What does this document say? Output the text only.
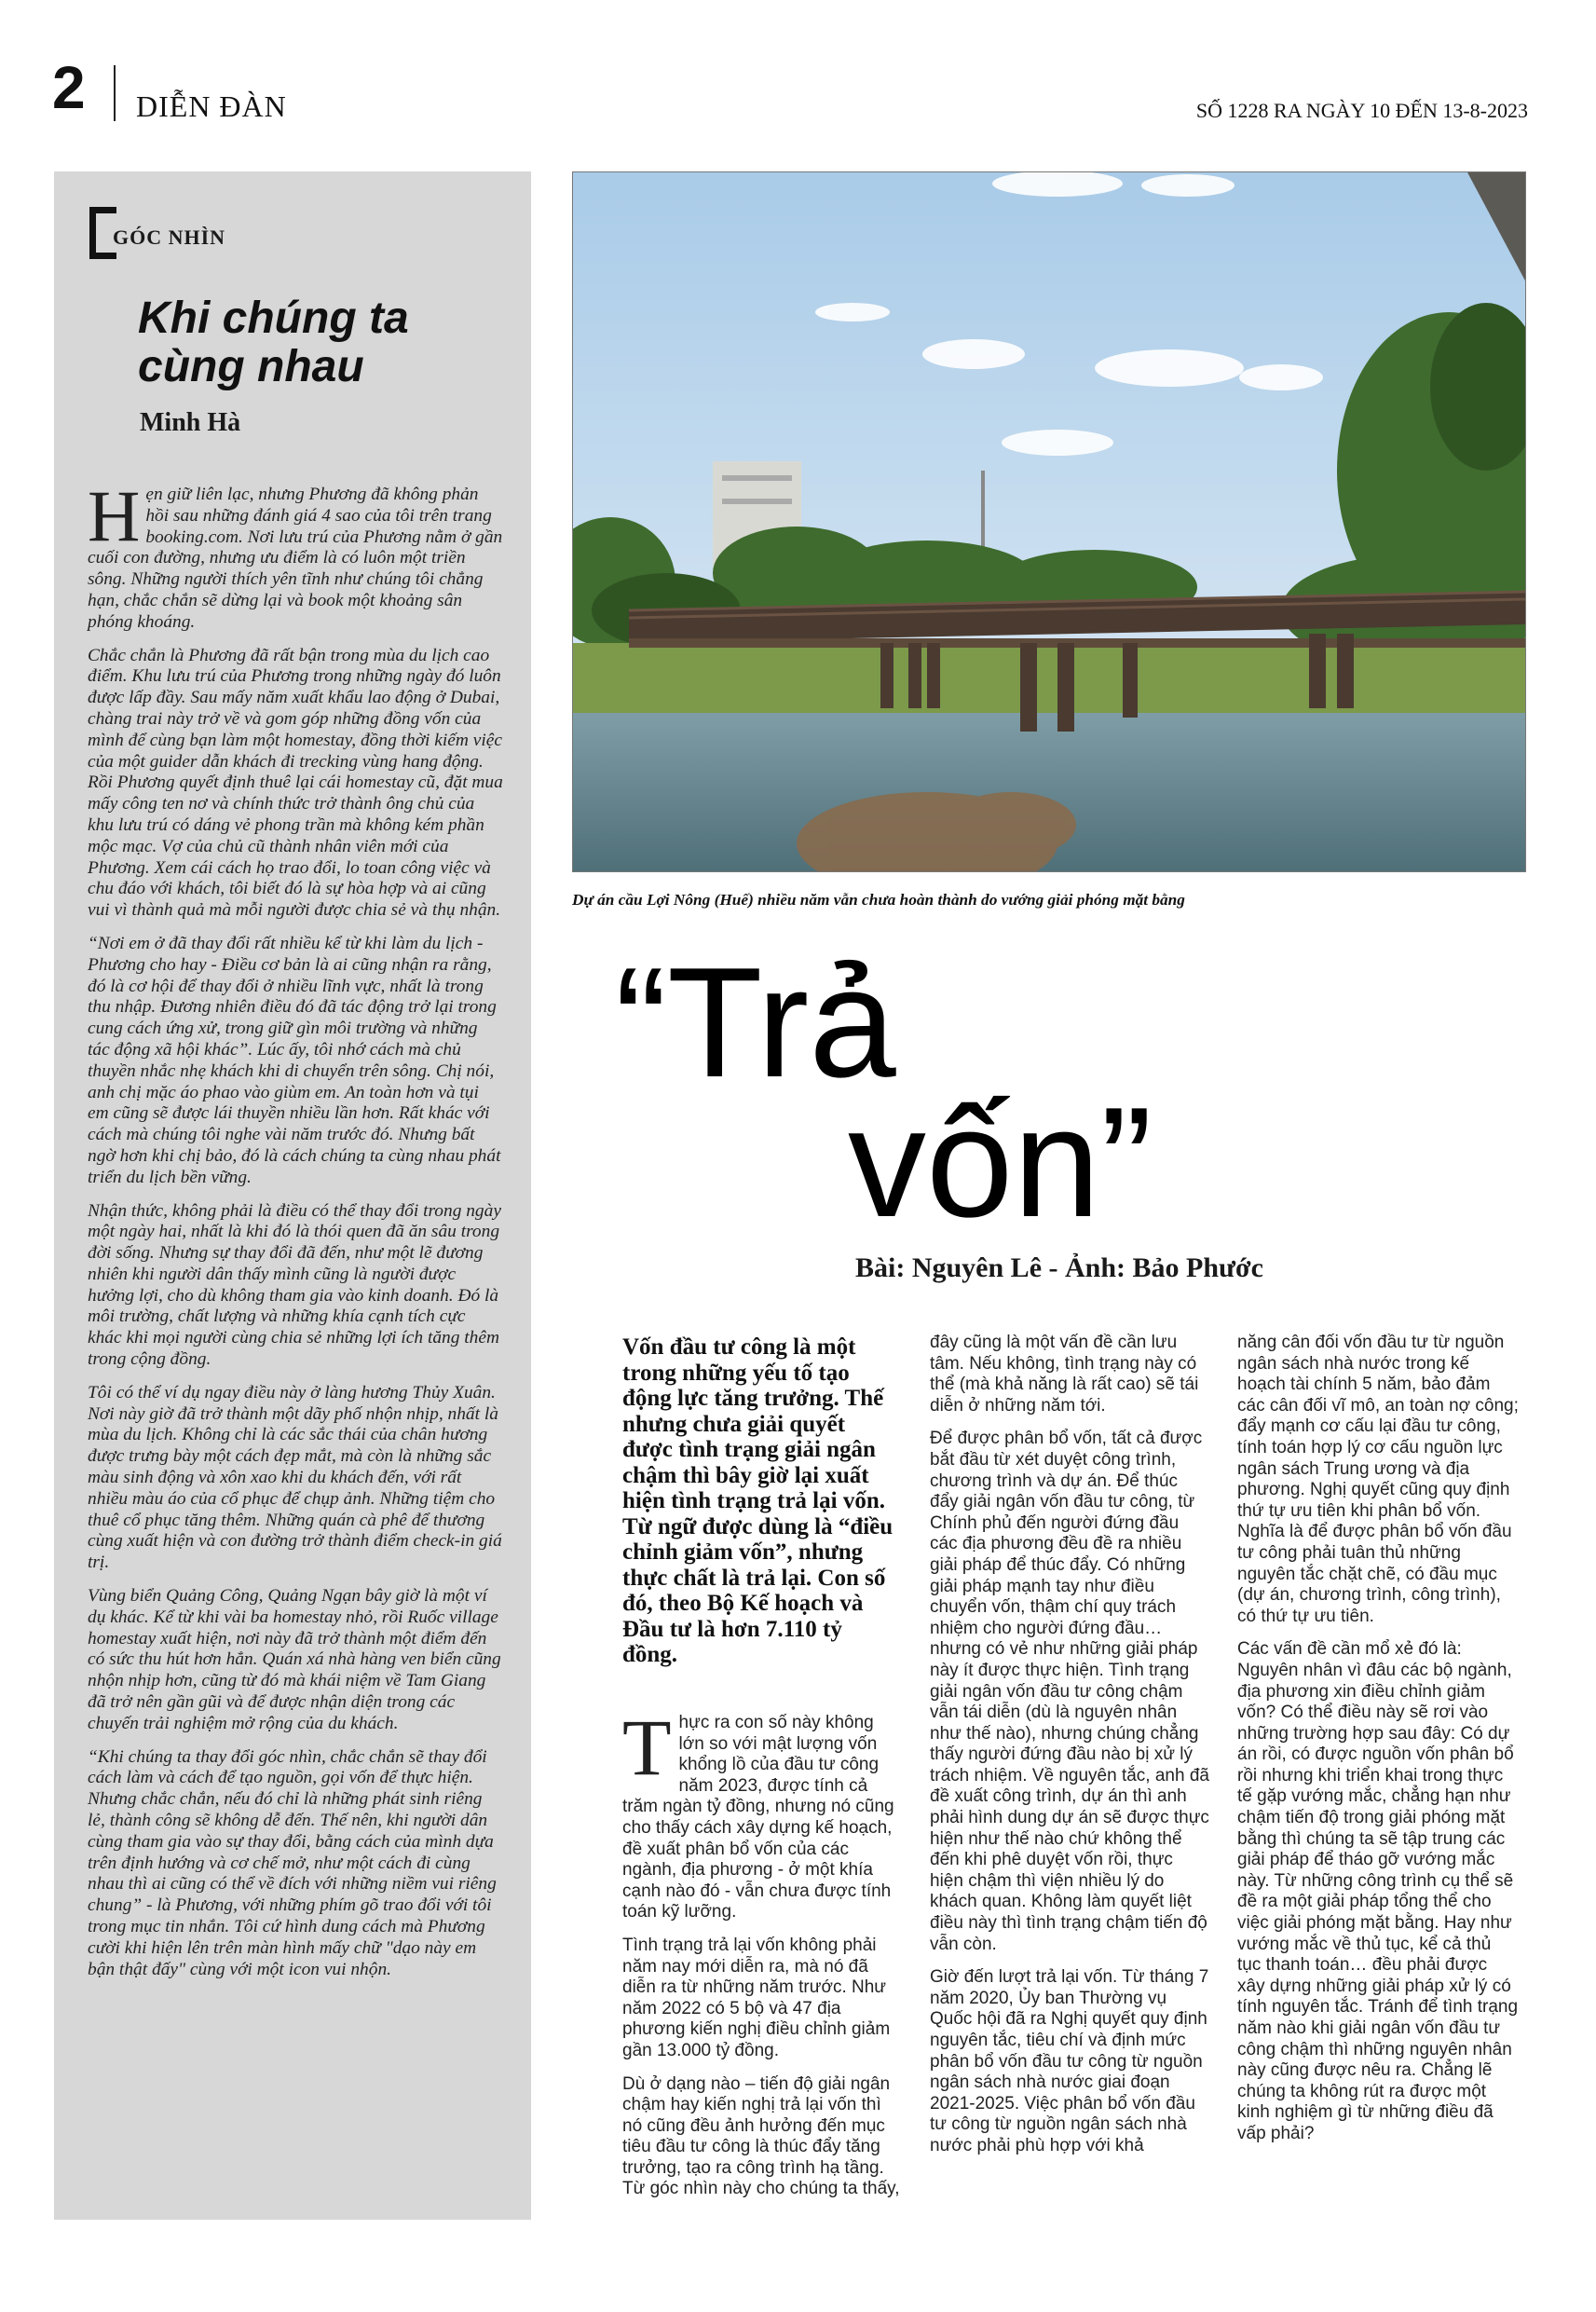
2 DIỄN ĐÀN	SỐ 1228 RA NGÀY 10 ĐẾN 13-8-2023
GÓC NHÌN
Khi chúng ta cùng nhau
Minh Hà

Hẹn giữ liên lạc, nhưng Phương đã không phản hồi sau những đánh giá 4 sao của tôi trên trang booking.com. Nơi lưu trú của Phương nằm ở gần cuối con đường, nhưng ưu điểm là có luôn một triền sông. Những người thích yên tĩnh như chúng tôi chẳng hạn, chắc chắn sẽ dừng lại và book một khoảng sân phóng khoáng.

Chắc chắn là Phương đã rất bận trong mùa du lịch cao điểm. Khu lưu trú của Phương trong những ngày đó luôn được lấp đầy. Sau mấy năm xuất khẩu lao động ở Dubai, chàng trai này trở về và gom góp những đồng vốn của mình để cùng bạn làm một homestay, đồng thời kiếm việc của một guider dẫn khách đi trecking vùng hang động. Rồi Phương quyết định thuê lại cái homestay cũ, đặt mua mấy công ten nơ và chính thức trở thành ông chủ của khu lưu trú có dáng vẻ phong trần mà không kém phần mộc mạc. Vợ của chủ cũ thành nhân viên mới của Phương. Xem cái cách họ trao đổi, lo toan công việc và chu đáo với khách, tôi biết đó là sự hòa hợp và ai cũng vui vì thành quả mà mỗi người được chia sẻ và thụ nhận.

“Nơi em ở đã thay đổi rất nhiều kể từ khi làm du lịch - Phương cho hay - Điều cơ bản là ai cũng nhận ra rằng, đó là cơ hội để thay đổi ở nhiều lĩnh vực, nhất là trong thu nhập. Đương nhiên điều đó đã tác động trở lại trong cung cách ứng xử, trong giữ gìn môi trường và những tác động xã hội khác”. Lúc ấy, tôi nhớ cách mà chủ thuyền nhắc nhẹ khách khi di chuyển trên sông. Chị nói, anh chị mặc áo phao vào giùm em. An toàn hơn và tụi em cũng sẽ được lái thuyền nhiều lần hơn. Rất khác với cách mà chúng tôi nghe vài năm trước đó. Nhưng bất ngờ hơn khi chị bảo, đó là cách chúng ta cùng nhau phát triển du lịch bền vững.

Nhận thức, không phải là điều có thể thay đổi trong ngày một ngày hai, nhất là khi đó là thói quen đã ăn sâu trong đời sống. Nhưng sự thay đổi đã đến, như một lẽ đương nhiên khi người dân thấy mình cũng là người được hưởng lợi, cho dù không tham gia vào kinh doanh. Đó là môi trường, chất lượng và những khía cạnh tích cực khác khi mọi người cùng chia sẻ những lợi ích tăng thêm trong cộng đồng.

Tôi có thể ví dụ ngay điều này ở làng hương Thủy Xuân. Nơi này giờ đã trở thành một dãy phố nhộn nhịp, nhất là mùa du lịch. Không chỉ là các sắc thái của chân hương được trưng bày một cách đẹp mắt, mà còn là những sắc màu sinh động và xôn xao khi du khách đến, với rất nhiều màu áo của cổ phục để chụp ảnh. Những tiệm cho thuê cổ phục tăng thêm. Những quán cà phê để thương cùng xuất hiện và con đường trở thành điểm check-in giá trị.

Vùng biển Quảng Công, Quảng Ngạn bây giờ là một ví dụ khác. Kể từ khi vài ba homestay nhỏ, rồi Ruốc village homestay xuất hiện, nơi này đã trở thành một điểm đến có sức thu hút hơn hẳn. Quán xá nhà hàng ven biển cũng nhộn nhịp hơn, cũng từ đó mà khái niệm về Tam Giang đã trở nên gần gũi và để được nhận diện trong các chuyến trải nghiệm mở rộng của du khách.

“Khi chúng ta thay đổi góc nhìn, chắc chắn sẽ thay đổi cách làm và cách để tạo nguồn, gọi vốn để thực hiện. Nhưng chắc chắn, nếu đó chỉ là những phát sinh riêng lẻ, thành công sẽ không dễ đến. Thế nên, khi người dân cùng tham gia vào sự thay đổi, bằng cách của mình dựa trên định hướng và cơ chế mở, như một cách đi cùng nhau thì ai cũng có thể về đích với những niềm vui riêng chung” - là Phương, với những phím gõ trao đổi với tôi trong mục tin nhắn. Tôi cứ hình dung cách mà Phương cười khi hiện lên trên màn hình mấy chữ "dạo này em bận thật đấy" cùng với một icon vui nhộn.

Dự án cầu Lợi Nông (Huế) nhiều năm vẫn chưa hoàn thành do vướng giải phóng mặt bằng
“Trả
vốn”
Bài: Nguyên Lê - Ảnh: Bảo Phước
Vốn đầu tư công là một trong những yếu tố tạo động lực tăng trưởng. Thế nhưng chưa giải quyết được tình trạng giải ngân chậm thì bây giờ lại xuất hiện tình trạng trả lại vốn. Từ ngữ được dùng là “điều chỉnh giảm vốn”, nhưng thực chất là trả lại. Con số đó, theo Bộ Kế hoạch và Đầu tư là hơn 7.110 tỷ đồng.

Thực ra con số này không lớn so với mật lượng vốn khổng lồ của đầu tư công năm 2023, được tính cả trăm ngàn tỷ đồng, nhưng nó cũng cho thấy cách xây dựng kế hoạch, đề xuất phân bổ vốn của các ngành, địa phương - ở một khía cạnh nào đó - vẫn chưa được tính toán kỹ lưỡng.

Tình trạng trả lại vốn không phải năm nay mới diễn ra, mà nó đã diễn ra từ những năm trước. Như năm 2022 có 5 bộ và 47 địa phương kiến nghị điều chỉnh giảm gần 13.000 tỷ đồng.

Dù ở dạng nào – tiến độ giải ngân chậm hay kiến nghị trả lại vốn thì nó cũng đều ảnh hưởng đến mục tiêu đầu tư công là thúc đẩy tăng trưởng, tạo ra công trình hạ tầng. Từ góc nhìn này cho chúng ta thấy,

đây cũng là một vấn đề cần lưu tâm. Nếu không, tình trạng này có thể (mà khả năng là rất cao) sẽ tái diễn ở những năm tới.

Để được phân bổ vốn, tất cả được bắt đầu từ xét duyệt công trình, chương trình và dự án. Để thúc đẩy giải ngân vốn đầu tư công, từ Chính phủ đến người đứng đầu các địa phương đều đề ra nhiều giải pháp để thúc đẩy. Có những giải pháp mạnh tay như điều chuyển vốn, thậm chí quy trách nhiệm cho người đứng đầu… nhưng có vẻ như những giải pháp này ít được thực hiện. Tình trạng giải ngân vốn đầu tư công chậm vẫn tái diễn (dù là nguyên nhân như thế nào), nhưng chúng chẳng thấy người đứng đầu nào bị xử lý trách nhiệm. Về nguyên tắc, anh đã đề xuất công trình, dự án thì anh phải hình dung dự án sẽ được thực hiện như thế nào chứ không thể đến khi phê duyệt vốn rồi, thực hiện chậm thì viện nhiều lý do khách quan. Không làm quyết liệt điều này thì tình trạng chậm tiến độ vẫn còn.

Giờ đến lượt trả lại vốn. Từ tháng 7 năm 2020, Ủy ban Thường vụ Quốc hội đã ra Nghị quyết quy định nguyên tắc, tiêu chí và định mức phân bổ vốn đầu tư công từ nguồn ngân sách nhà nước giai đoạn 2021-2025. Việc phân bổ vốn đầu tư công từ nguồn ngân sách nhà nước phải phù hợp với khả

năng cân đối vốn đầu tư từ nguồn ngân sách nhà nước trong kế hoạch tài chính 5 năm, bảo đảm các cân đối vĩ mô, an toàn nợ công; đẩy mạnh cơ cấu lại đầu tư công, tính toán hợp lý cơ cấu nguồn lực ngân sách Trung ương và địa phương. Nghị quyết cũng quy định thứ tự ưu tiên khi phân bổ vốn. Nghĩa là để được phân bổ vốn đầu tư công phải tuân thủ những nguyên tắc chặt chẽ, có đầu mục (dự án, chương trình, công trình), có thứ tự ưu tiên.

Các vấn đề cần mổ xẻ đó là: Nguyên nhân vì đâu các bộ ngành, địa phương xin điều chỉnh giảm vốn? Có thể điều này sẽ rơi vào những trường hợp sau đây: Có dự án rồi, có được nguồn vốn phân bổ rồi nhưng khi triển khai trong thực tế gặp vướng mắc, chẳng hạn như chậm tiến độ trong giải phóng mặt bằng thì chúng ta sẽ tập trung các giải pháp để tháo gỡ vướng mắc này. Từ những công trình cụ thể sẽ đề ra một giải pháp tổng thể cho việc giải phóng mặt bằng. Hay như vướng mắc về thủ tục, kể cả thủ tục thanh toán… đều phải được xây dựng những giải pháp xử lý có tính nguyên tắc. Tránh để tình trạng năm nào khi giải ngân vốn đầu tư công chậm thì những nguyên nhân này cũng được nêu ra. Chẳng lẽ chúng ta không rút ra được một kinh nghiệm gì từ những điều đã vấp phải?
